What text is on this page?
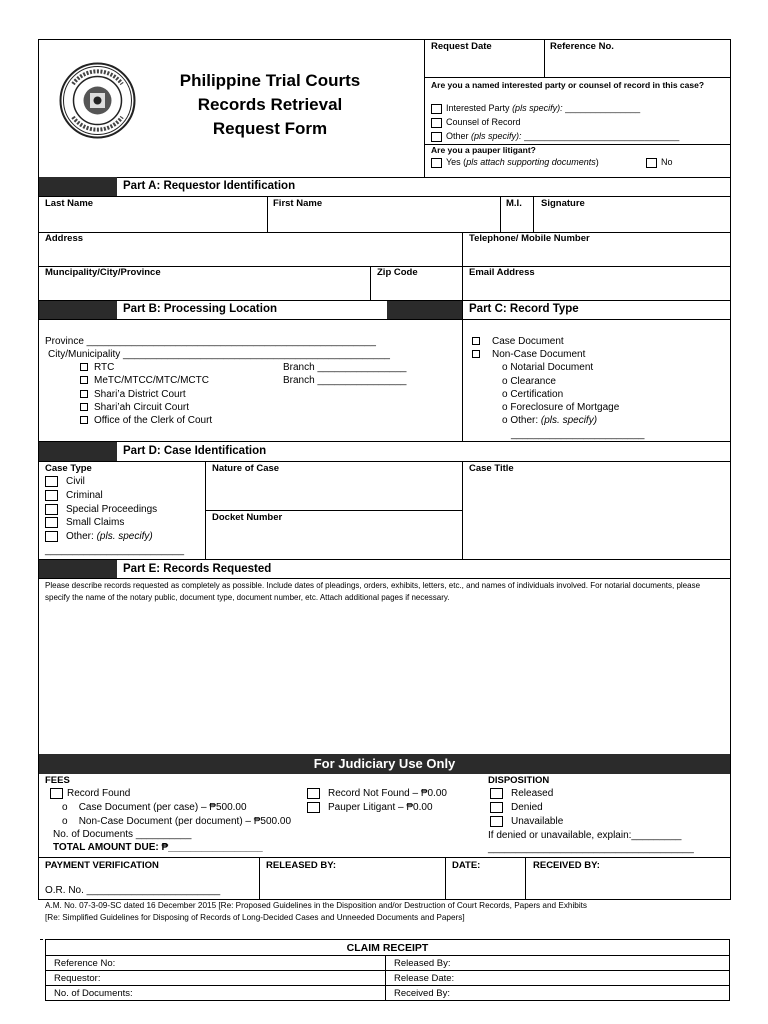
Philippine Trial Courts
Records Retrieval
Request Form
Request Date	Reference No.
Are you a named interested party or counsel of record in this case?
Interested Party (pls specify): _______________
Counsel of Record
Other (pls specify): _______________________________
Are you a pauper litigant?
Yes (pls attach supporting documents)	No
Part A: Requestor Identification
Last Name	First Name	M.I. Signature
Address	Telephone/ Mobile Number
Muncipality/City/Province	Zip Code	Email Address
Part B: Processing Location	Part C: Record Type
Province ____________________________________________________
City/Municipality ________________________________________________
RTC	Branch ________________
MeTC/MTCC/MTC/MCTC	Branch ________________
Shari’a District Court
Shari’ah Circuit Court
Office of the Clerk of Court
Case Document
Non-Case Document
o Notarial Document
o Clearance
o Certification
o Foreclosure of Mortgage
o Other: (pls. specify)
________________________
Part D: Case Identification
Case Type
Civil
Criminal
Special Proceedings
Small Claims
Other: (pls. specify)
_________________________
Nature of Case
Docket Number
Case Title
Part E: Records Requested
Please describe records requested as completely as possible. Include dates of pleadings, orders, exhibits, letters, etc., and names of individuals involved. For notarial documents, please specify the name of the notary public, document type, document number, etc. Attach additional pages if necessary.
For Judiciary Use Only
FEES
Record Found
o    Case Document (per case) – ₱500.00
o    Non-Case Document (per document) – ₱500.00
No. of Documents __________
TOTAL AMOUNT DUE: ₱_________________
Record Not Found – ₱0.00
Pauper Litigant – ₱0.00
DISPOSITION
Released
Denied
Unavailable
If denied or unavailable, explain:_________
_____________________________________
PAYMENT VERIFICATION
O.R. No. ________________________
RELEASED BY:	DATE:	RECEIVED BY:
A.M. No. 07-3-09-SC dated 16 December 2015 [Re: Proposed Guidelines in the Disposition and/or Destruction of Court Records, Papers and Exhibits
[Re: Simplified Guidelines for Disposing of Records of Long-Decided Cases and Unneeded Documents and Papers]
CLAIM RECEIPT	
Reference No:	Released By:
Requestor:	Release Date:
No. of Documents:	Received By:
